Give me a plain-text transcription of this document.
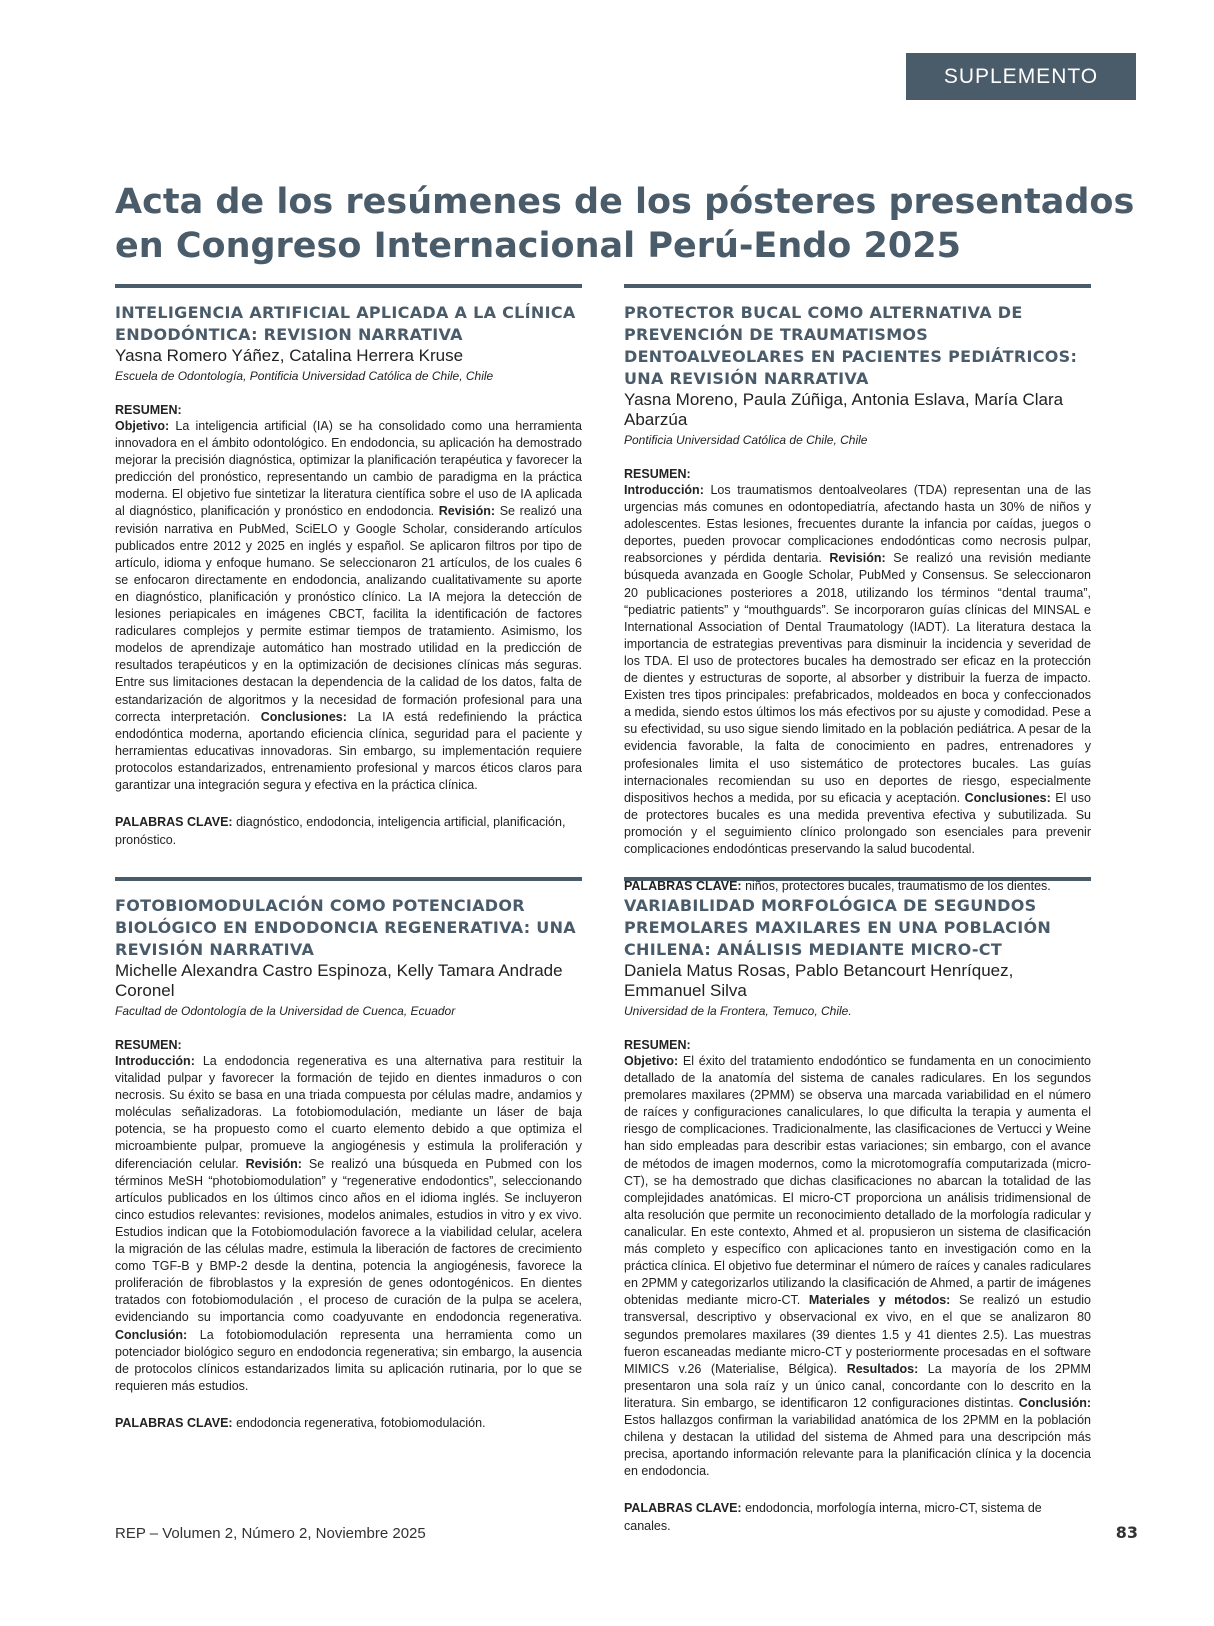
SUPLEMENTO
Acta de los resúmenes de los pósteres presentados en Congreso Internacional Perú-Endo 2025
INTELIGENCIA ARTIFICIAL APLICADA A LA CLÍNICA ENDODÓNTICA: REVISION NARRATIVA

Yasna Romero Yáñez, Catalina Herrera Kruse

Escuela de Odontología, Pontificia Universidad Católica de Chile, Chile

RESUMEN:

Objetivo: La inteligencia artificial (IA) se ha consolidado como una herramienta innovadora en el ámbito odontológico. En endodoncia, su aplicación ha demostrado mejorar la precisión diagnóstica, optimizar la planificación terapéutica y favorecer la predicción del pronóstico, representando un cambio de paradigma en la práctica moderna. El objetivo fue sintetizar la literatura científica sobre el uso de IA aplicada al diagnóstico, planificación y pronóstico en endodoncia. Revisión: Se realizó una revisión narrativa en PubMed, SciELO y Google Scholar, considerando artículos publicados entre 2012 y 2025 en inglés y español. Se aplicaron filtros por tipo de artículo, idioma y enfoque humano. Se seleccionaron 21 artículos, de los cuales 6 se enfocaron directamente en endodoncia, analizando cualitativamente su aporte en diagnóstico, planificación y pronóstico clínico. La IA mejora la detección de lesiones periapicales en imágenes CBCT, facilita la identificación de factores radiculares complejos y permite estimar tiempos de tratamiento. Asimismo, los modelos de aprendizaje automático han mostrado utilidad en la predicción de resultados terapéuticos y en la optimización de decisiones clínicas más seguras. Entre sus limitaciones destacan la dependencia de la calidad de los datos, falta de estandarización de algoritmos y la necesidad de formación profesional para una correcta interpretación. Conclusiones: La IA está redefiniendo la práctica endodóntica moderna, aportando eficiencia clínica, seguridad para el paciente y herramientas educativas innovadoras. Sin embargo, su implementación requiere protocolos estandarizados, entrenamiento profesional y marcos éticos claros para garantizar una integración segura y efectiva en la práctica clínica.

PALABRAS CLAVE: diagnóstico, endodoncia, inteligencia artificial, planificación, pronóstico.

PROTECTOR BUCAL COMO ALTERNATIVA DE PREVENCIÓN DE TRAUMATISMOS DENTOALVEOLARES EN PACIENTES PEDIÁTRICOS: UNA REVISIÓN NARRATIVA

Yasna Moreno, Paula Zúñiga, Antonia Eslava, María Clara Abarzúa

Pontificia Universidad Católica de Chile, Chile

RESUMEN:

Introducción: Los traumatismos dentoalveolares (TDA) representan una de las urgencias más comunes en odontopediatría, afectando hasta un 30% de niños y adolescentes. Estas lesiones, frecuentes durante la infancia por caídas, juegos o deportes, pueden provocar complicaciones endodónticas como necrosis pulpar, reabsorciones y pérdida dentaria. Revisión: Se realizó una revisión mediante búsqueda avanzada en Google Scholar, PubMed y Consensus. Se seleccionaron 20 publicaciones posteriores a 2018, utilizando los términos “dental trauma”, “pediatric patients” y “mouthguards”. Se incorporaron guías clínicas del MINSAL e International Association of Dental Traumatology (IADT). La literatura destaca la importancia de estrategias preventivas para disminuir la incidencia y severidad de los TDA. El uso de protectores bucales ha demostrado ser eficaz en la protección de dientes y estructuras de soporte, al absorber y distribuir la fuerza de impacto. Existen tres tipos principales: prefabricados, moldeados en boca y confeccionados a medida, siendo estos últimos los más efectivos por su ajuste y comodidad. Pese a su efectividad, su uso sigue siendo limitado en la población pediátrica. A pesar de la evidencia favorable, la falta de conocimiento en padres, entrenadores y profesionales limita el uso sistemático de protectores bucales. Las guías internacionales recomiendan su uso en deportes de riesgo, especialmente dispositivos hechos a medida, por su eficacia y aceptación. Conclusiones: El uso de protectores bucales es una medida preventiva efectiva y subutilizada. Su promoción y el seguimiento clínico prolongado son esenciales para prevenir complicaciones endodónticas preservando la salud bucodental.

PALABRAS CLAVE: niños, protectores bucales, traumatismo de los dientes.

FOTOBIOMODULACIÓN COMO POTENCIADOR BIOLÓGICO EN ENDODONCIA REGENERATIVA: UNA REVISIÓN NARRATIVA

Michelle Alexandra Castro Espinoza, Kelly Tamara Andrade Coronel

Facultad de Odontología de la Universidad de Cuenca, Ecuador

RESUMEN:

Introducción: La endodoncia regenerativa es una alternativa para restituir la vitalidad pulpar y favorecer la formación de tejido en dientes inmaduros o con necrosis. Su éxito se basa en una triada compuesta por células madre, andamios y moléculas señalizadoras. La fotobiomodulación, mediante un láser de baja potencia, se ha propuesto como el cuarto elemento debido a que optimiza el microambiente pulpar, promueve la angiogénesis y estimula la proliferación y diferenciación celular. Revisión: Se realizó una búsqueda en Pubmed con los términos MeSH “photobiomodulation” y “regenerative endodontics”, seleccionando artículos publicados en los últimos cinco años en el idioma inglés. Se incluyeron cinco estudios relevantes: revisiones, modelos animales, estudios in vitro y ex vivo. Estudios indican que la Fotobiomodulación favorece a la viabilidad celular, acelera la migración de las células madre, estimula la liberación de factores de crecimiento como TGF-B y BMP-2 desde la dentina, potencia la angiogénesis, favorece la proliferación de fibroblastos y la expresión de genes odontogénicos. En dientes tratados con fotobiomodulación , el proceso de curación de la pulpa se acelera, evidenciando su importancia como coadyuvante en endodoncia regenerativa. Conclusión: La fotobiomodulación representa una herramienta como un potenciador biológico seguro en endodoncia regenerativa; sin embargo, la ausencia de protocolos clínicos estandarizados limita su aplicación rutinaria, por lo que se requieren más estudios.

PALABRAS CLAVE: endodoncia regenerativa, fotobiomodulación.

VARIABILIDAD MORFOLÓGICA DE SEGUNDOS PREMOLARES MAXILARES EN UNA POBLACIÓN CHILENA: ANÁLISIS MEDIANTE MICRO-CT

Daniela Matus Rosas, Pablo Betancourt Henríquez, Emmanuel Silva

Universidad de la Frontera, Temuco, Chile.

RESUMEN:

Objetivo: El éxito del tratamiento endodóntico se fundamenta en un conocimiento detallado de la anatomía del sistema de canales radiculares. En los segundos premolares maxilares (2PMM) se observa una marcada variabilidad en el número de raíces y configuraciones canaliculares, lo que dificulta la terapia y aumenta el riesgo de complicaciones. Tradicionalmente, las clasificaciones de Vertucci y Weine han sido empleadas para describir estas variaciones; sin embargo, con el avance de métodos de imagen modernos, como la microtomografía computarizada (micro-CT), se ha demostrado que dichas clasificaciones no abarcan la totalidad de las complejidades anatómicas. El micro-CT proporciona un análisis tridimensional de alta resolución que permite un reconocimiento detallado de la morfología radicular y canalicular. En este contexto, Ahmed et al. propusieron un sistema de clasificación más completo y específico con aplicaciones tanto en investigación como en la práctica clínica. El objetivo fue determinar el número de raíces y canales radiculares en 2PMM y categorizarlos utilizando la clasificación de Ahmed, a partir de imágenes obtenidas mediante micro-CT. Materiales y métodos: Se realizó un estudio transversal, descriptivo y observacional ex vivo, en el que se analizaron 80 segundos premolares maxilares (39 dientes 1.5 y 41 dientes 2.5). Las muestras fueron escaneadas mediante micro-CT y posteriormente procesadas en el software MIMICS v.26 (Materialise, Bélgica). Resultados: La mayoría de los 2PMM presentaron una sola raíz y un único canal, concordante con lo descrito en la literatura. Sin embargo, se identificaron 12 configuraciones distintas. Conclusión: Estos hallazgos confirman la variabilidad anatómica de los 2PMM en la población chilena y destacan la utilidad del sistema de Ahmed para una descripción más precisa, aportando información relevante para la planificación clínica y la docencia en endodoncia.

PALABRAS CLAVE: endodoncia, morfología interna, micro-CT, sistema de canales.

REP – Volumen 2, Número 2, Noviembre 2025	83
